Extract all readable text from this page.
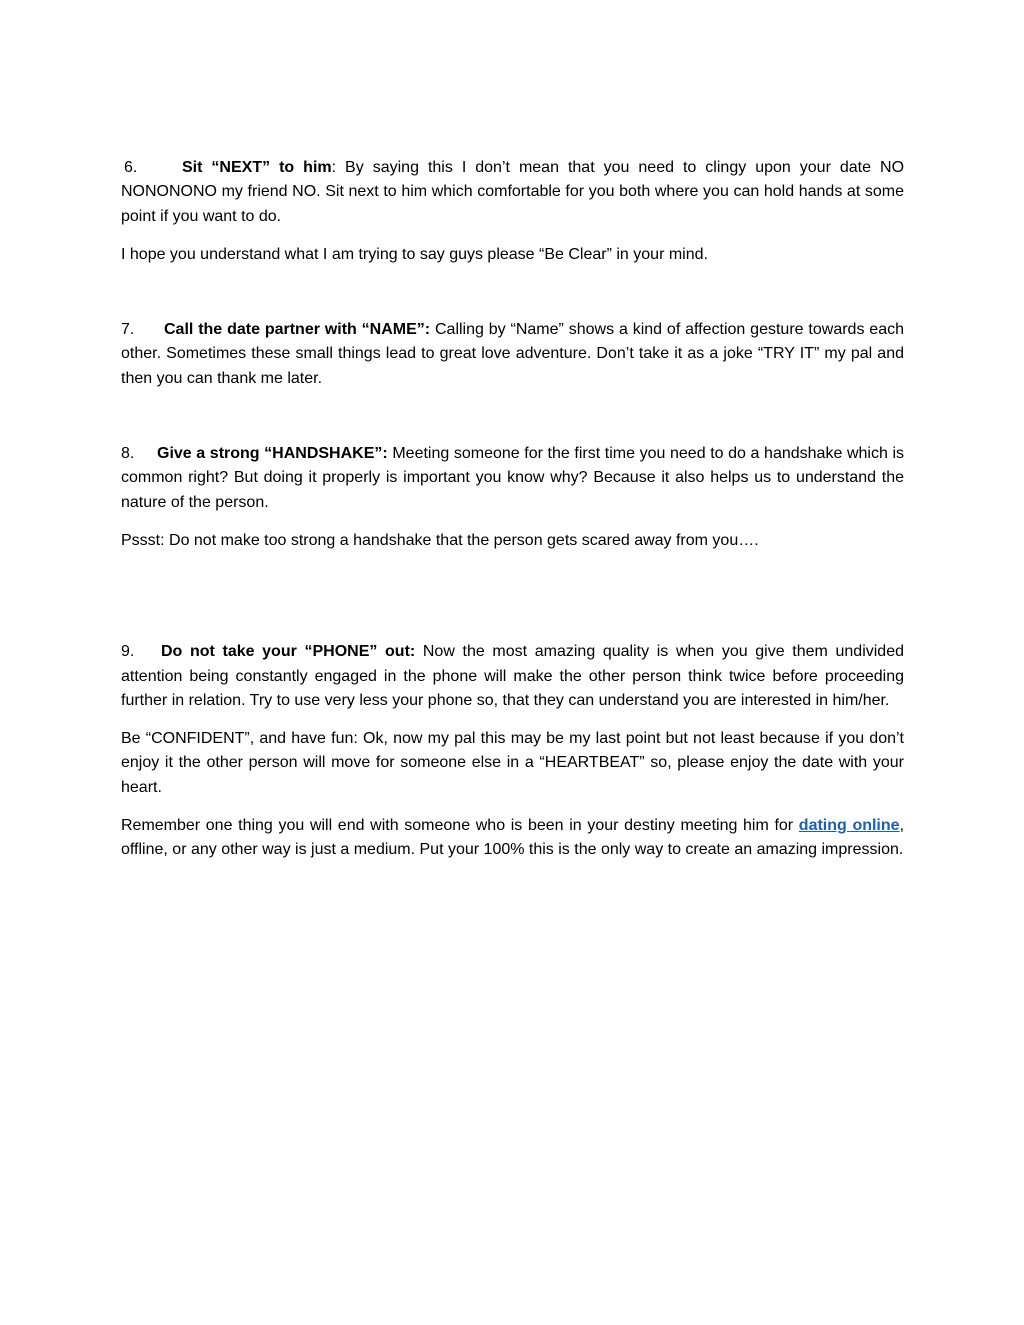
6.	Sit “NEXT” to him: By saying this I don’t mean that you need to clingy upon your date NO NONONONO my friend NO. Sit next to him which comfortable for you both where you can hold hands at some point if you want to do.

I hope you understand what I am trying to say guys please “Be Clear” in your mind.

7. Call the date partner with “NAME”: Calling by “Name” shows a kind of affection gesture towards each other. Sometimes these small things lead to great love adventure. Don’t take it as a joke “TRY IT” my pal and then you can thank me later.

8. Give a strong “HANDSHAKE”: Meeting someone for the first time you need to do a handshake which is common right? But doing it properly is important you know why? Because it also helps us to understand the nature of the person.

Pssst: Do not make too strong a handshake that the person gets scared away from you….

9. Do not take your “PHONE” out: Now the most amazing quality is when you give them undivided attention being constantly engaged in the phone will make the other person think twice before proceeding further in relation. Try to use very less your phone so, that they can understand you are interested in him/her.

Be “CONFIDENT”, and have fun: Ok, now my pal this may be my last point but not least because if you don’t enjoy it the other person will move for someone else in a “HEARTBEAT” so, please enjoy the date with your heart.

Remember one thing you will end with someone who is been in your destiny meeting him for dating online, offline, or any other way is just a medium. Put your 100% this is the only way to create an amazing impression.
